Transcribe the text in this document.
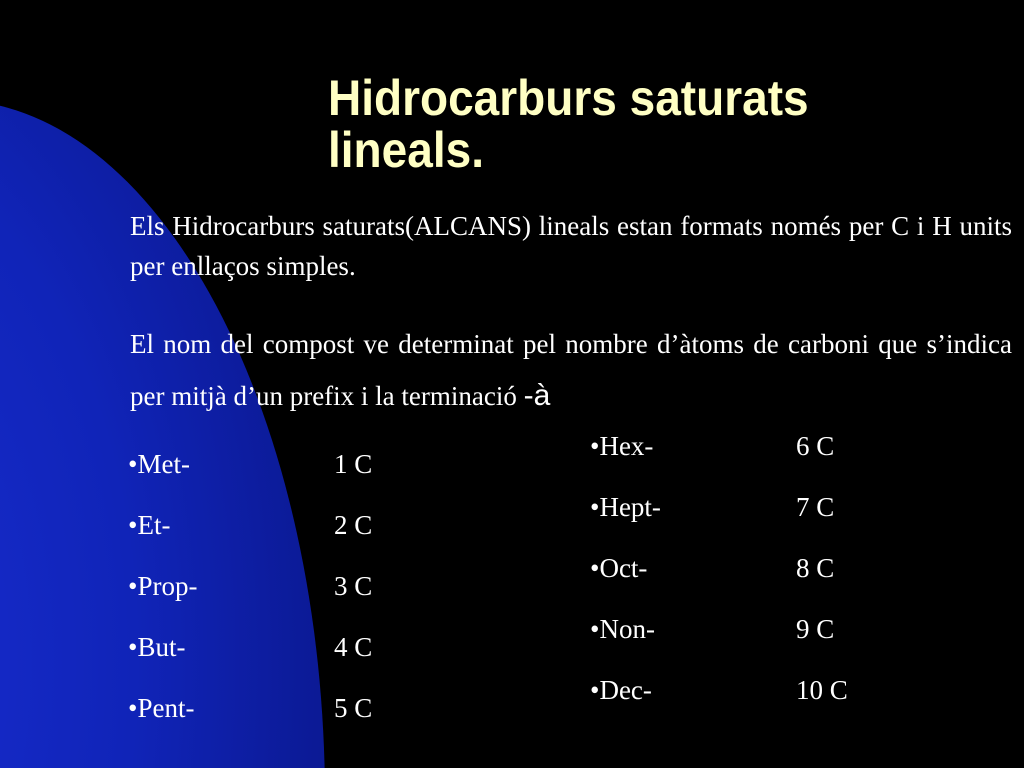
Hidrocarburs saturats lineals.

Els Hidrocarburs saturats(ALCANS) lineals estan formats només per C i H units per enllaços simples.

El nom del compost ve determinat pel nombre d’àtoms de carboni que s’indica per mitjà d’un prefix i la terminació -à

•Met-	1 C
•Et-	2 C
•Prop-	3 C
•But-	4 C
•Pent-	5 C
•Hex-	6 C
•Hept-	7 C
•Oct-	8 C
•Non-	9 C
•Dec-	10 C
